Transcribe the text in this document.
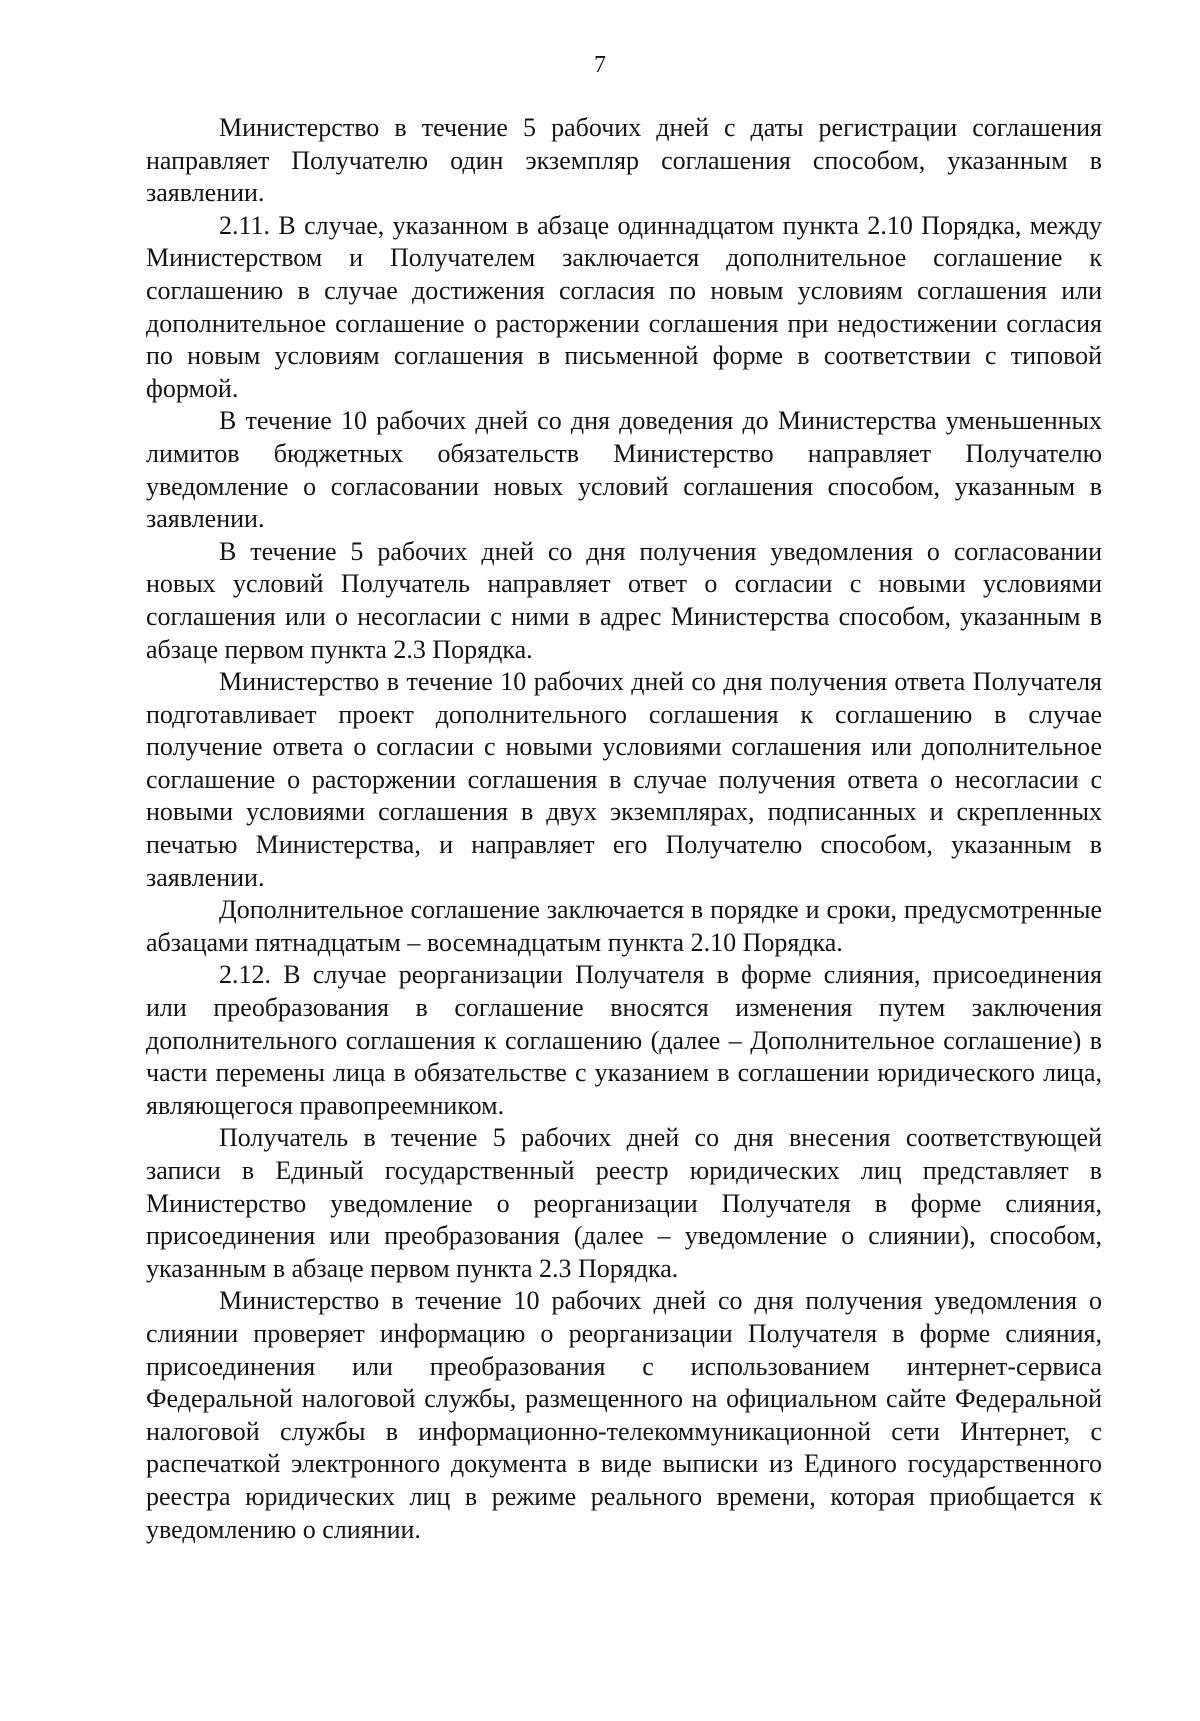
7

Министерство в течение 5 рабочих дней с даты регистрации соглашения направляет Получателю один экземпляр соглашения способом, указанным в заявлении.

2.11. В случае, указанном в абзаце одиннадцатом пункта 2.10 Порядка, между Министерством и Получателем заключается дополнительное соглашение к соглашению в случае достижения согласия по новым условиям соглашения или дополнительное соглашение о расторжении соглашения при недостижении согласия по новым условиям соглашения в письменной форме в соответствии с типовой формой.

В течение 10 рабочих дней со дня доведения до Министерства уменьшенных лимитов бюджетных обязательств Министерство направляет Получателю уведомление о согласовании новых условий соглашения способом, указанным в заявлении.

В течение 5 рабочих дней со дня получения уведомления о согласовании новых условий Получатель направляет ответ о согласии с новыми условиями соглашения или о несогласии с ними в адрес Министерства способом, указанным в абзаце первом пункта 2.3 Порядка.

Министерство в течение 10 рабочих дней со дня получения ответа Получателя подготавливает проект дополнительного соглашения к соглашению в случае получение ответа о согласии с новыми условиями соглашения или дополнительное соглашение о расторжении соглашения в случае получения ответа о несогласии с новыми условиями соглашения в двух экземплярах, подписанных и скрепленных печатью Министерства, и направляет его Получателю способом, указанным в заявлении.

Дополнительное соглашение заключается в порядке и сроки, предусмотренные абзацами пятнадцатым – восемнадцатым пункта 2.10 Порядка.

2.12. В случае реорганизации Получателя в форме слияния, присоединения или преобразования в соглашение вносятся изменения путем заключения дополнительного соглашения к соглашению (далее – Дополнительное соглашение) в части перемены лица в обязательстве с указанием в соглашении юридического лица, являющегося правопреемником.

Получатель в течение 5 рабочих дней со дня внесения соответствующей записи в Единый государственный реестр юридических лиц представляет в Министерство уведомление о реорганизации Получателя в форме слияния, присоединения или преобразования (далее – уведомление о слиянии), способом, указанным в абзаце первом пункта 2.3 Порядка.

Министерство в течение 10 рабочих дней со дня получения уведомления о слиянии проверяет информацию о реорганизации Получателя в форме слияния, присоединения или преобразования с использованием интернет-сервиса Федеральной налоговой службы, размещенного на официальном сайте Федеральной налоговой службы в информационно-телекоммуникационной сети Интернет, с распечаткой электронного документа в виде выписки из Единого государственного реестра юридических лиц в режиме реального времени, которая приобщается к уведомлению о слиянии.
